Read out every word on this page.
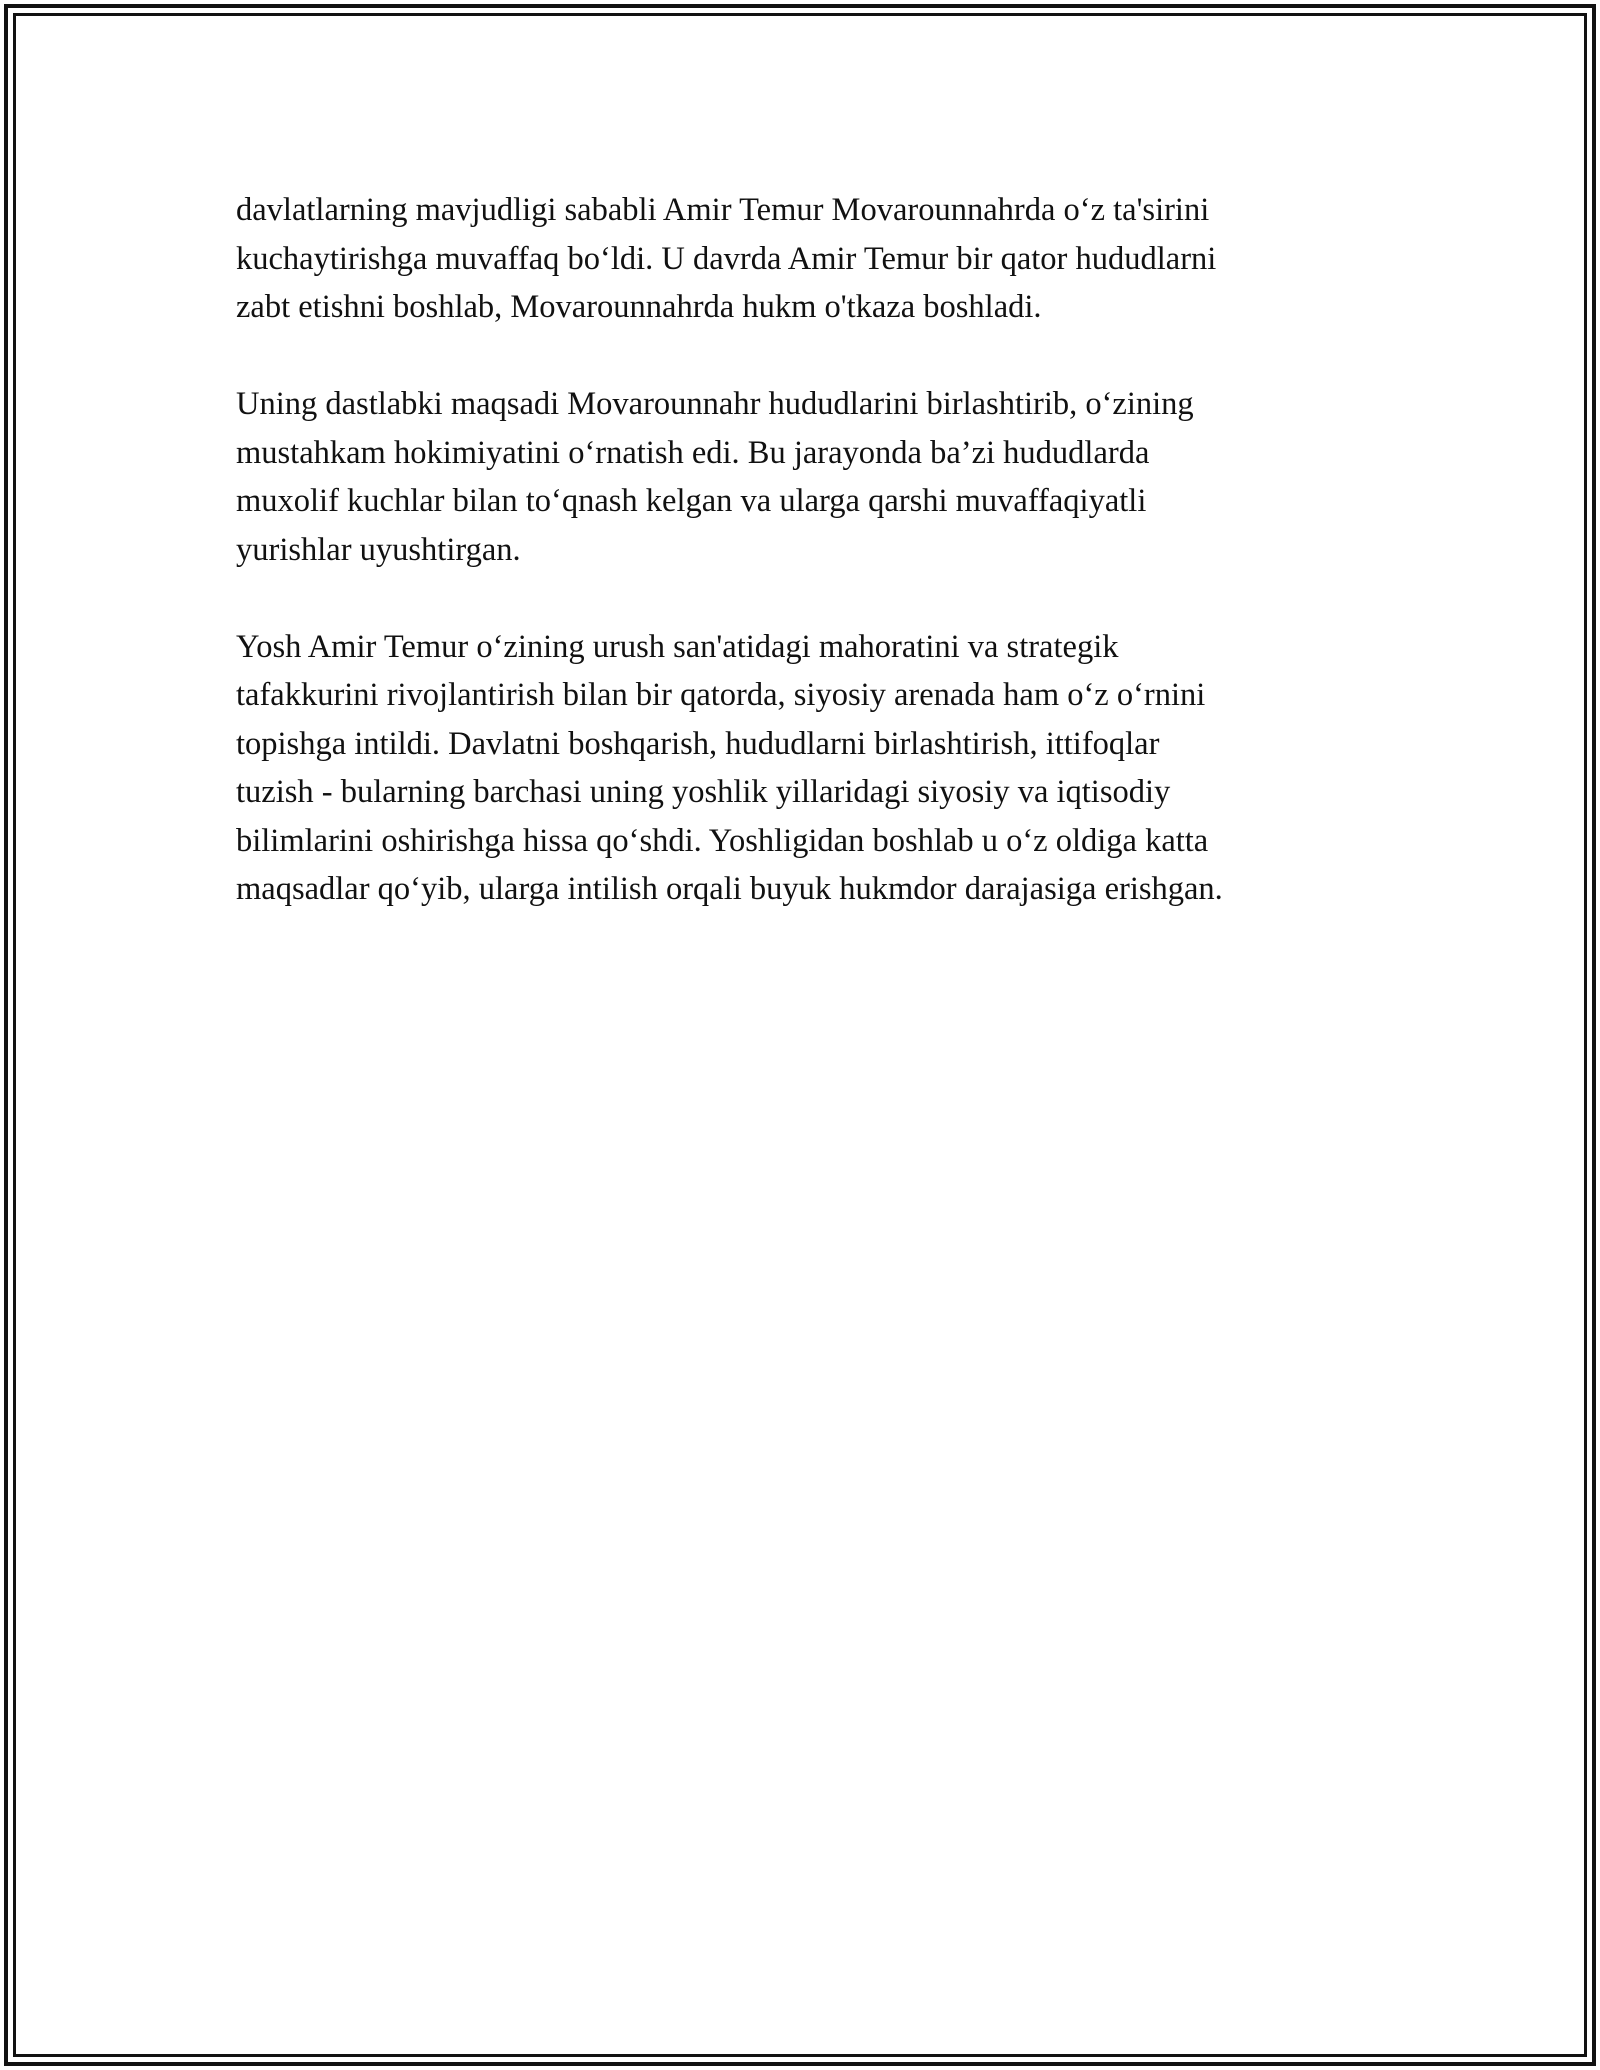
davlatlarning mavjudligi sababli Amir Temur Movarounnahrda o‘z ta'sirini
kuchaytirishga muvaffaq bo‘ldi. U davrda Amir Temur bir qator hududlarni
zabt etishni boshlab, Movarounnahrda hukm o'tkaza boshladi.

Uning dastlabki maqsadi Movarounnahr hududlarini birlashtirib, o‘zining
mustahkam hokimiyatini o‘rnatish edi. Bu jarayonda ba’zi hududlarda
muxolif kuchlar bilan to‘qnash kelgan va ularga qarshi muvaffaqiyatli
yurishlar uyushtirgan.

Yosh Amir Temur o‘zining urush san'atidagi mahoratini va strategik
tafakkurini rivojlantirish bilan bir qatorda, siyosiy arenada ham o‘z o‘rnini
topishga intildi. Davlatni boshqarish, hududlarni birlashtirish, ittifoqlar
tuzish - bularning barchasi uning yoshlik yillaridagi siyosiy va iqtisodiy
bilimlarini oshirishga hissa qo‘shdi. Yoshligidan boshlab u o‘z oldiga katta
maqsadlar qo‘yib, ularga intilish orqali buyuk hukmdor darajasiga erishgan.
